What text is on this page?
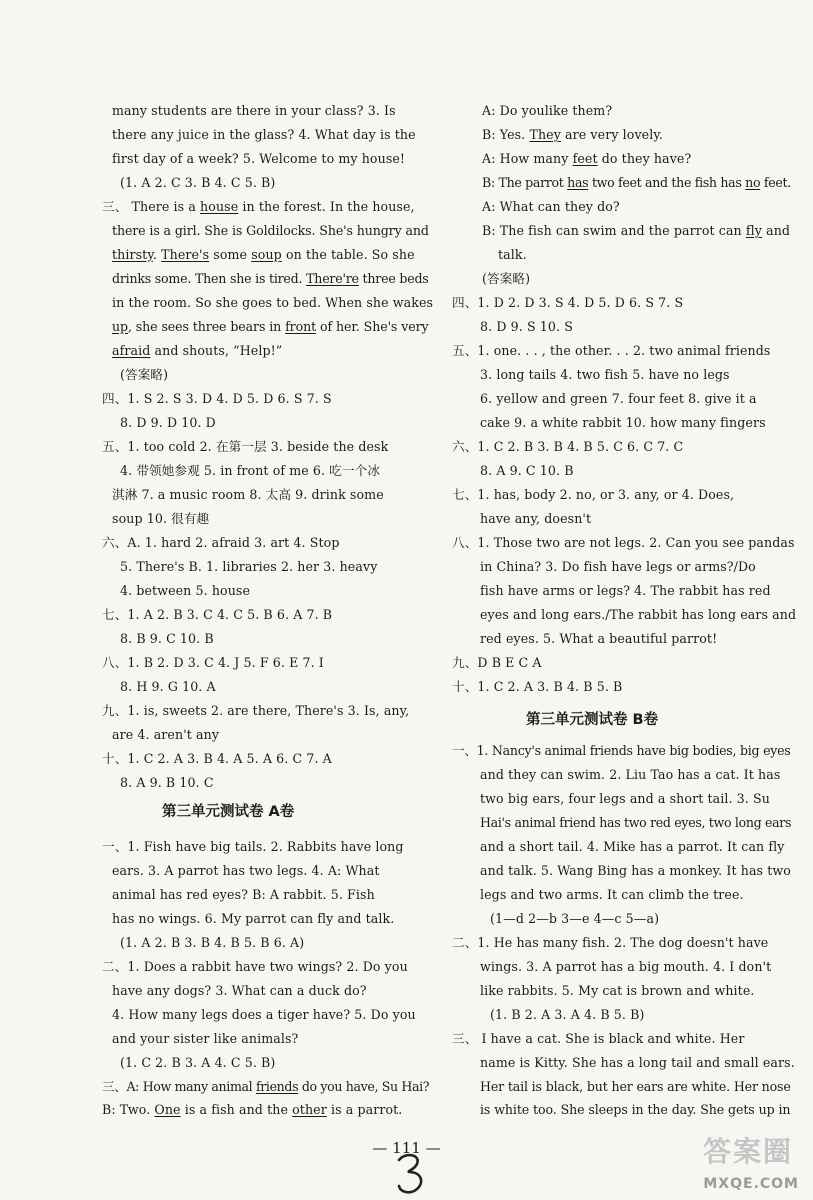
many students are there in your class? 3. Is
there any juice in the glass? 4. What day is the
first day of a week? 5. Welcome to my house!
(1. A 2. C 3. B 4. C 5. B)
三、 There is a house in the forest. In the house,
there is a girl. She is Goldilocks. She's hungry and
thirsty. There's some soup on the table. So she
drinks some. Then she is tired. There're three beds
in the room. So she goes to bed. When she wakes
up, she sees three bears in front of her. She's very
afraid and shouts, “Help!”
(答案略)
四、1. S 2. S 3. D 4. D 5. D 6. S 7. S
8. D 9. D 10. D
五、1. too cold 2. 在第一层 3. beside the desk
4. 带领她参观 5. in front of me 6. 吃一个冰
淇淋 7. a music room 8. 太高 9. drink some
soup 10. 很有趣
六、A. 1. hard 2. afraid 3. art 4. Stop
5. There's B. 1. libraries 2. her 3. heavy
4. between 5. house
七、1. A 2. B 3. C 4. C 5. B 6. A 7. B
8. B 9. C 10. B
八、1. B 2. D 3. C 4. J 5. F 6. E 7. I
8. H 9. G 10. A
九、1. is, sweets 2. are there, There's 3. Is, any,
are 4. aren't any
十、1. C 2. A 3. B 4. A 5. A 6. C 7. A
8. A 9. B 10. C
一、1. Fish have big tails. 2. Rabbits have long
ears. 3. A parrot has two legs. 4. A: What
animal has red eyes? B: A rabbit. 5. Fish
has no wings. 6. My parrot can fly and talk.
(1. A 2. B 3. B 4. B 5. B 6. A)
二、1. Does a rabbit have two wings? 2. Do you
have any dogs? 3. What can a duck do?
4. How many legs does a tiger have? 5. Do you
and your sister like animals?
(1. C 2. B 3. A 4. C 5. B)
三、A: How many animal friends do you have, Su Hai?
B: Two. One is a fish and the other is a parrot.
A: Do youlike them?
B: Yes. They are very lovely.
A: How many feet do they have?
B: The parrot has two feet and the fish has no feet.
A: What can they do?
B: The fish can swim and the parrot can fly and
talk.
(答案略)
四、1. D 2. D 3. S 4. D 5. D 6. S 7. S
8. D 9. S 10. S
五、1. one. . . , the other. . . 2. two animal friends
3. long tails 4. two fish 5. have no legs
6. yellow and green 7. four feet 8. give it a
cake 9. a white rabbit 10. how many fingers
六、1. C 2. B 3. B 4. B 5. C 6. C 7. C
8. A 9. C 10. B
七、1. has, body 2. no, or 3. any, or 4. Does,
have any, doesn't
八、1. Those two are not legs. 2. Can you see pandas
in China? 3. Do fish have legs or arms?/Do
fish have arms or legs? 4. The rabbit has red
eyes and long ears./The rabbit has long ears and
red eyes. 5. What a beautiful parrot!
九、D B E C A
十、1. C 2. A 3. B 4. B 5. B
一、1. Nancy's animal friends have big bodies, big eyes
and they can swim. 2. Liu Tao has a cat. It has
two big ears, four legs and a short tail. 3. Su
Hai's animal friend has two red eyes, two long ears
and a short tail. 4. Mike has a parrot. It can fly
and talk. 5. Wang Bing has a monkey. It has two
legs and two arms. It can climb the tree.
(1—d 2—b 3—e 4—c 5—a)
二、1. He has many fish. 2. The dog doesn't have
wings. 3. A parrot has a big mouth. 4. I don't
like rabbits. 5. My cat is brown and white.
(1. B 2. A 3. A 4. B 5. B)
三、 I have a cat. She is black and white. Her
name is Kitty. She has a long tail and small ears.
Her tail is black, but her ears are white. Her nose
is white too. She sleeps in the day. She gets up in
第三单元测试卷 A卷
第三单元测试卷 B卷
— 111 —	答案圈
MXQE.COM
